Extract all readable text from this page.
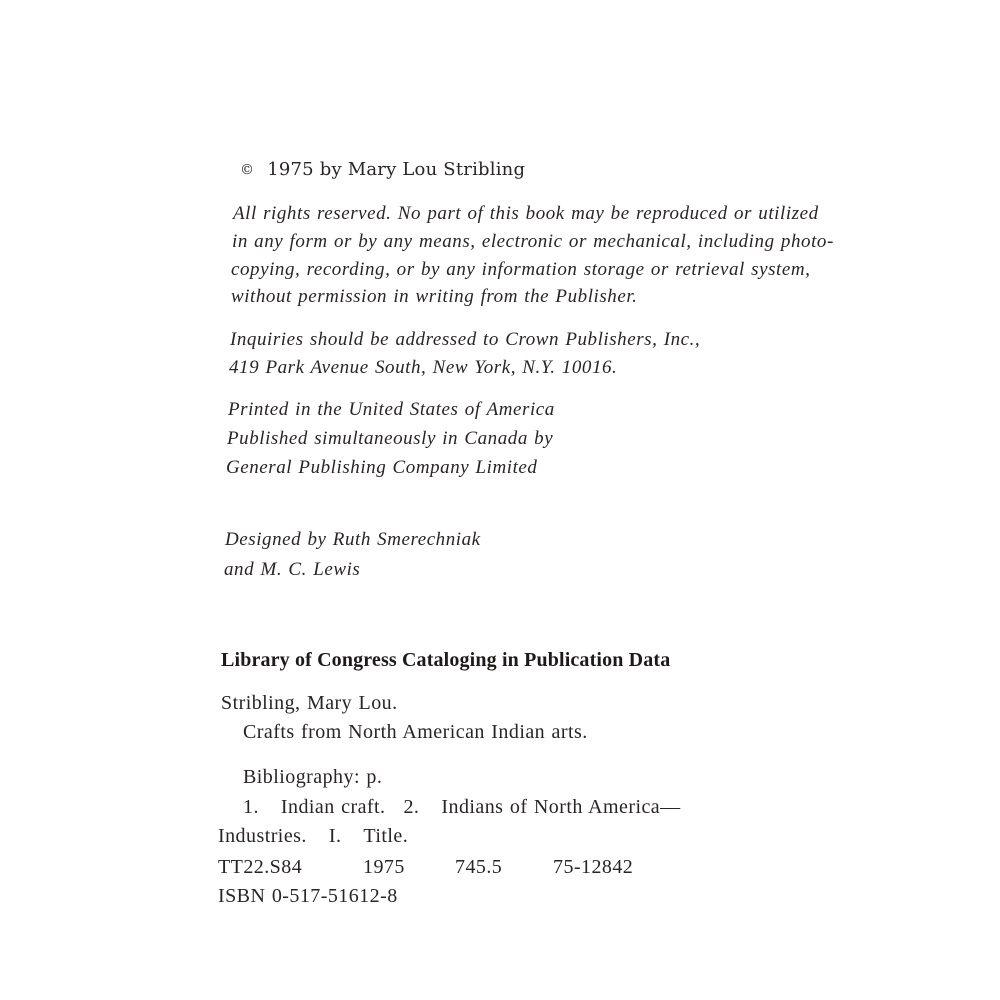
© 1975 by Mary Lou Stribling
All rights reserved. No part of this book may be reproduced or utilized
in any form or by any means, electronic or mechanical, including photo-
copying, recording, or by any information storage or retrieval system,
without permission in writing from the Publisher.
Inquiries should be addressed to Crown Publishers, Inc.,
419 Park Avenue South, New York, N.Y. 10016.
Printed in the United States of America
Published simultaneously in Canada by
General Publishing Company Limited
Designed by Ruth Smerechniak
and M. C. Lewis
Library of Congress Cataloging in Publication Data
Stribling, Mary Lou.
Crafts from North American Indian arts.
Bibliography: p.
1. Indian craft. 2. Indians of North America—
Industries. I. Title.
TT22.S84	1975	745.5	75-12842
ISBN 0-517-51612-8
